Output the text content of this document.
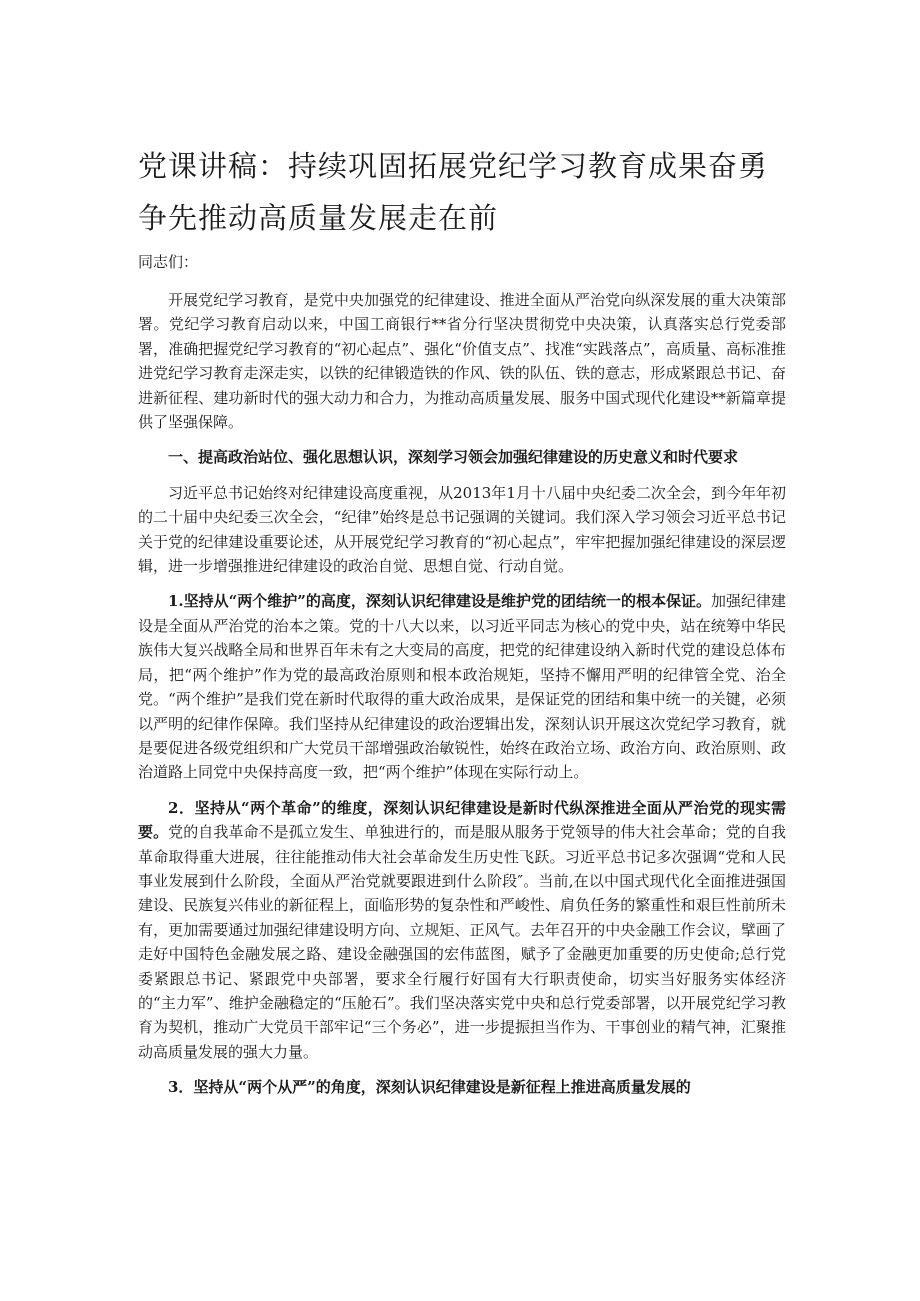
党课讲稿：持续巩固拓展党纪学习教育成果奋勇争先推动高质量发展走在前

同志们：

开展党纪学习教育，是党中央加强党的纪律建设、推进全面从严治党向纵深发展的重大决策部署。党纪学习教育启动以来，中国工商银行**省分行坚决贯彻党中央决策，认真落实总行党委部署，准确把握党纪学习教育的“初心起点”、强化“价值支点”、找准“实践落点”，高质量、高标准推进党纪学习教育走深走实，以铁的纪律锻造铁的作风、铁的队伍、铁的意志，形成紧跟总书记、奋进新征程、建功新时代的强大动力和合力，为推动高质量发展、服务中国式现代化建设**新篇章提供了坚强保障。

一、提高政治站位、强化思想认识，深刻学习领会加强纪律建设的历史意义和时代要求

习近平总书记始终对纪律建设高度重视，从2013年1月十八届中央纪委二次全会，到今年年初的二十届中央纪委三次全会，“纪律”始终是总书记强调的关键词。我们深入学习领会习近平总书记关于党的纪律建设重要论述，从开展党纪学习教育的“初心起点”，牢牢把握加强纪律建设的深层逻辑，进一步增强推进纪律建设的政治自觉、思想自觉、行动自觉。

1.坚持从“两个维护”的高度，深刻认识纪律建设是维护党的团结统一的根本保证。加强纪律建设是全面从严治党的治本之策。党的十八大以来，以习近平同志为核心的党中央，站在统筹中华民族伟大复兴战略全局和世界百年未有之大变局的高度，把党的纪律建设纳入新时代党的建设总体布局，把“两个维护”作为党的最高政治原则和根本政治规矩，坚持不懈用严明的纪律管全党、治全党。“两个维护”是我们党在新时代取得的重大政治成果，是保证党的团结和集中统一的关键，必须以严明的纪律作保障。我们坚持从纪律建设的政治逻辑出发，深刻认识开展这次党纪学习教育，就是要促进各级党组织和广大党员干部增强政治敏锐性，始终在政治立场、政治方向、政治原则、政治道路上同党中央保持高度一致，把“两个维护”体现在实际行动上。

2．坚持从“两个革命”的维度，深刻认识纪律建设是新时代纵深推进全面从严治党的现实需要。党的自我革命不是孤立发生、单独进行的，而是服从服务于党领导的伟大社会革命；党的自我革命取得重大进展，往往能推动伟大社会革命发生历史性飞跃。习近平总书记多次强调“党和人民事业发展到什么阶段，全面从严治党就要跟进到什么阶段″。当前,在以中国式现代化全面推进强国建设、民族复兴伟业的新征程上，面临形势的复杂性和严峻性、肩负任务的繁重性和艰巨性前所未有，更加需要通过加强纪律建设明方向、立规矩、正风气。去年召开的中央金融工作会议，擘画了走好中国特色金融发展之路、建设金融强国的宏伟蓝图，赋予了金融更加重要的历史使命;总行党委紧跟总书记、紧跟党中央部署，要求全行履行好国有大行职责使命，切实当好服务实体经济的“主力军”、维护金融稳定的“压舱石”。我们坚决落实党中央和总行党委部署，以开展党纪学习教育为契机，推动广大党员干部牢记“三个务必”，进一步提振担当作为、干事创业的精气神，汇聚推动高质量发展的强大力量。

3．坚持从“两个从严”的角度，深刻认识纪律建设是新征程上推进高质量发展的
